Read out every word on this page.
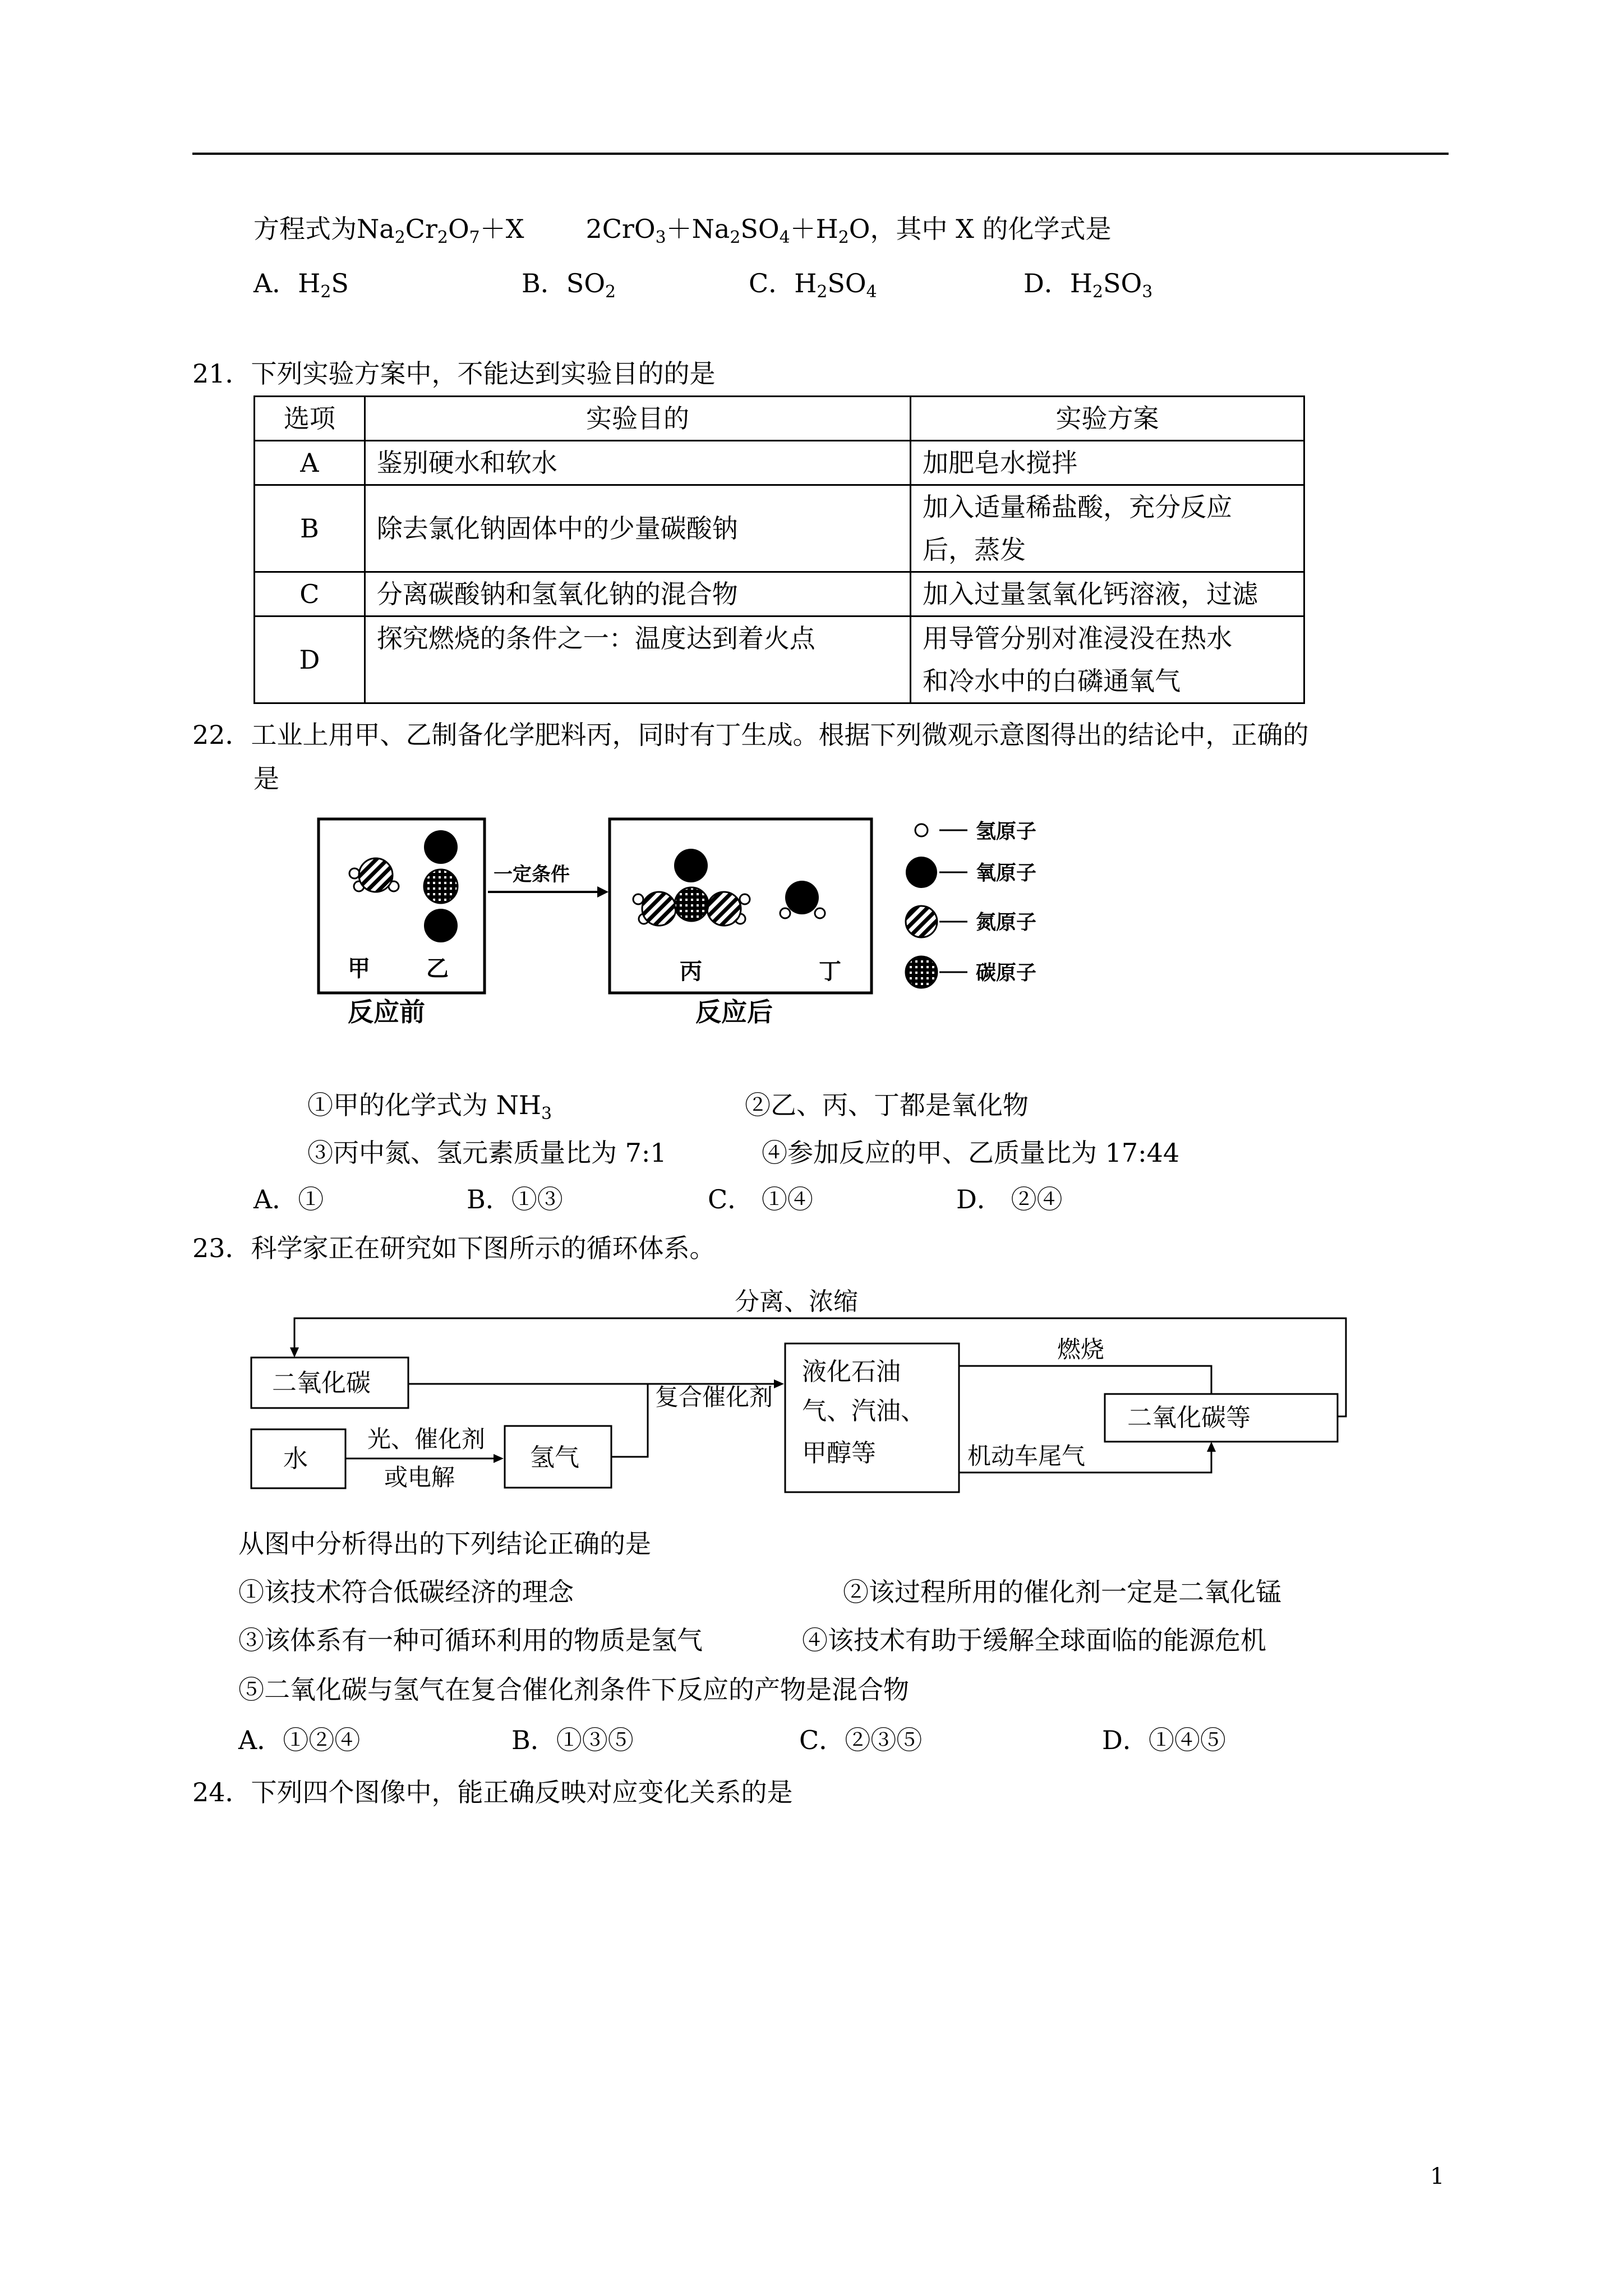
方程式为$Na_2Cr_2O_7+X$ $2CrO_3+Na_2SO_4+H_2O$，其中 X 的化学式是
A．$H_2S$	B．$SO_2$	C．$H_2SO_4$	D．$H_2SO_3$
21．下列实验方案中，不能达到实验目的的是
选项	实验目的	实验方案
A	鉴别硬水和软水	加肥皂水搅拌
B	除去氯化钠固体中的少量碳酸钠	加入适量稀盐酸，充分反应
后，蒸发

C	分离碳酸钠和氢氧化钠的混合物	加入过量氢氧化钙溶液，过滤
D	探究燃烧的条件之一：温度达到着火点	用导管分别对准浸没在热水
和冷水中的白磷通氧气
22．工业上用甲、乙制备化学肥料丙，同时有丁生成。根据下列微观示意图得出的结论中，正确的
是
甲	乙
反应前
一定条件
丙	丁
反应后
氢原子
氧原子
氮原子
碳原子
①甲的化学式为 $NH_3$	②乙、丙、丁都是氧化物
③丙中氮、氢元素质量比为 7:1	④参加反应的甲、乙质量比为 17:44
A．①	B．①③	C． ①④	D． ②④
23．科学家正在研究如下图所示的循环体系。
分离、浓缩
二氧化碳
水
光、催化剂
或电解
氢气
复合催化剂
液化石油
气、汽油、
甲醇等
燃烧
机动车尾气
二氧化碳等
从图中分析得出的下列结论正确的是
①该技术符合低碳经济的理念	②该过程所用的催化剂一定是二氧化锰
③该体系有一种可循环利用的物质是氢气	④该技术有助于缓解全球面临的能源危机
⑤二氧化碳与氢气在复合催化剂条件下反应的产物是混合物
A．①②④	B．①③⑤	C．②③⑤	D．①④⑤
24．下列四个图像中，能正确反映对应变化关系的是
1
